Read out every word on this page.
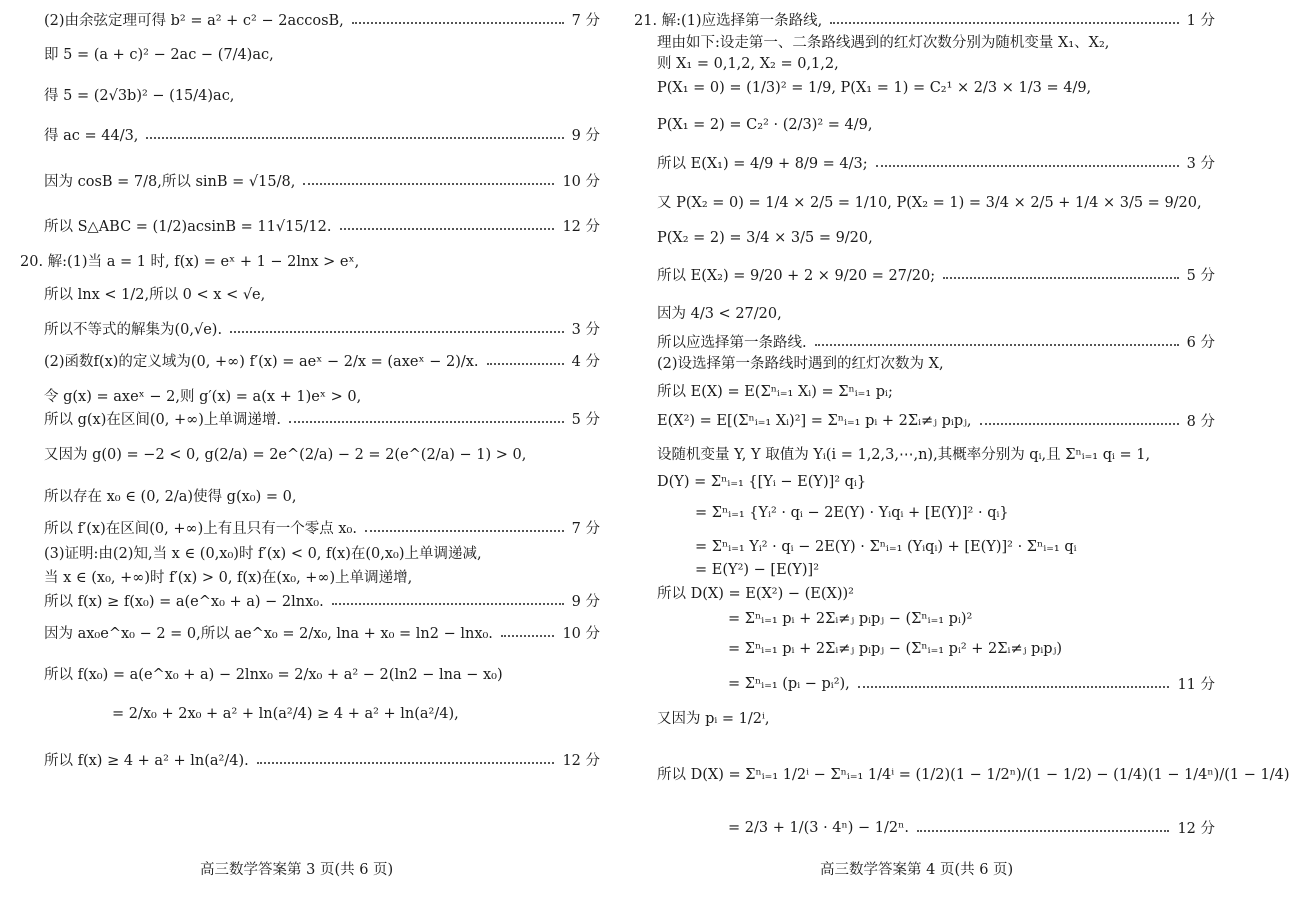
(2)由余弦定理可得 b² = a² + c² − 2accosB,	7 分
即 5 = (a + c)² − 2ac − (7/4)ac,
得 5 = (2√3b)² − (15/4)ac,
得 ac = 44/3,	9 分
因为 cosB = 7/8,所以 sinB = √15/8,	10 分
所以 S△ABC = (1/2)acsinB = 11√15/12.	12 分
20. 解:(1)当 a = 1 时, f(x) = eˣ + 1 − 2lnx > eˣ,
所以 lnx < 1/2,所以 0 < x < √e,
所以不等式的解集为(0,√e).	3 分
(2)函数f(x)的定义域为(0, +∞) f′(x) = aeˣ − 2/x = (axeˣ − 2)/x.	4 分
令 g(x) = axeˣ − 2,则 g′(x) = a(x + 1)eˣ > 0,
所以 g(x)在区间(0, +∞)上单调递增.	5 分
又因为 g(0) = −2 < 0, g(2/a) = 2e^(2/a) − 2 = 2(e^(2/a) − 1) > 0,
所以存在 x₀ ∈ (0, 2/a)使得 g(x₀) = 0,
所以 f′(x)在区间(0, +∞)上有且只有一个零点 x₀.	7 分
(3)证明:由(2)知,当 x ∈ (0,x₀)时 f′(x) < 0, f(x)在(0,x₀)上单调递减,
当 x ∈ (x₀, +∞)时 f′(x) > 0, f(x)在(x₀, +∞)上单调递增,
所以 f(x) ≥ f(x₀) = a(e^x₀ + a) − 2lnx₀.	9 分
因为 ax₀e^x₀ − 2 = 0,所以 ae^x₀ = 2/x₀, lna + x₀ = ln2 − lnx₀.	10 分
所以 f(x₀) = a(e^x₀ + a) − 2lnx₀ = 2/x₀ + a² − 2(ln2 − lna − x₀)
= 2/x₀ + 2x₀ + a² + ln(a²/4) ≥ 4 + a² + ln(a²/4),
所以 f(x) ≥ 4 + a² + ln(a²/4).	12 分
高三数学答案第 3 页(共 6 页)
21. 解:(1)应选择第一条路线,	1 分
理由如下:设走第一、二条路线遇到的红灯次数分别为随机变量 X₁、X₂,
则 X₁ = 0,1,2, X₂ = 0,1,2,
P(X₁ = 0) = (1/3)² = 1/9, P(X₁ = 1) = C₂¹ × 2/3 × 1/3 = 4/9,
P(X₁ = 2) = C₂² · (2/3)² = 4/9,
所以 E(X₁) = 4/9 + 8/9 = 4/3;	3 分
又 P(X₂ = 0) = 1/4 × 2/5 = 1/10, P(X₂ = 1) = 3/4 × 2/5 + 1/4 × 3/5 = 9/20,
P(X₂ = 2) = 3/4 × 3/5 = 9/20,
所以 E(X₂) = 9/20 + 2 × 9/20 = 27/20;	5 分
因为 4/3 < 27/20,
所以应选择第一条路线.	6 分
(2)设选择第一条路线时遇到的红灯次数为 X,
所以 E(X) = E(Σⁿᵢ₌₁ Xᵢ) = Σⁿᵢ₌₁ pᵢ;
E(X²) = E[(Σⁿᵢ₌₁ Xᵢ)²] = Σⁿᵢ₌₁ pᵢ + 2Σᵢ≠ⱼ pᵢpⱼ,	8 分
设随机变量 Y, Y 取值为 Yᵢ(i = 1,2,3,⋯,n),其概率分别为 qᵢ,且 Σⁿᵢ₌₁ qᵢ = 1,
D(Y) = Σⁿᵢ₌₁ {[Yᵢ − E(Y)]² qᵢ}
= Σⁿᵢ₌₁ {Yᵢ² · qᵢ − 2E(Y) · Yᵢqᵢ + [E(Y)]² · qᵢ}
= Σⁿᵢ₌₁ Yᵢ² · qᵢ − 2E(Y) · Σⁿᵢ₌₁ (Yᵢqᵢ) + [E(Y)]² · Σⁿᵢ₌₁ qᵢ
= E(Y²) − [E(Y)]²
所以 D(X) = E(X²) − (E(X))²
= Σⁿᵢ₌₁ pᵢ + 2Σᵢ≠ⱼ pᵢpⱼ − (Σⁿᵢ₌₁ pᵢ)²
= Σⁿᵢ₌₁ pᵢ + 2Σᵢ≠ⱼ pᵢpⱼ − (Σⁿᵢ₌₁ pᵢ² + 2Σᵢ≠ⱼ pᵢpⱼ)
= Σⁿᵢ₌₁ (pᵢ − pᵢ²),	11 分
又因为 pᵢ = 1/2ⁱ,
所以 D(X) = Σⁿᵢ₌₁ 1/2ⁱ − Σⁿᵢ₌₁ 1/4ⁱ = (1/2)(1 − 1/2ⁿ)/(1 − 1/2) − (1/4)(1 − 1/4ⁿ)/(1 − 1/4)
= 2/3 + 1/(3 · 4ⁿ) − 1/2ⁿ.	12 分
高三数学答案第 4 页(共 6 页)
